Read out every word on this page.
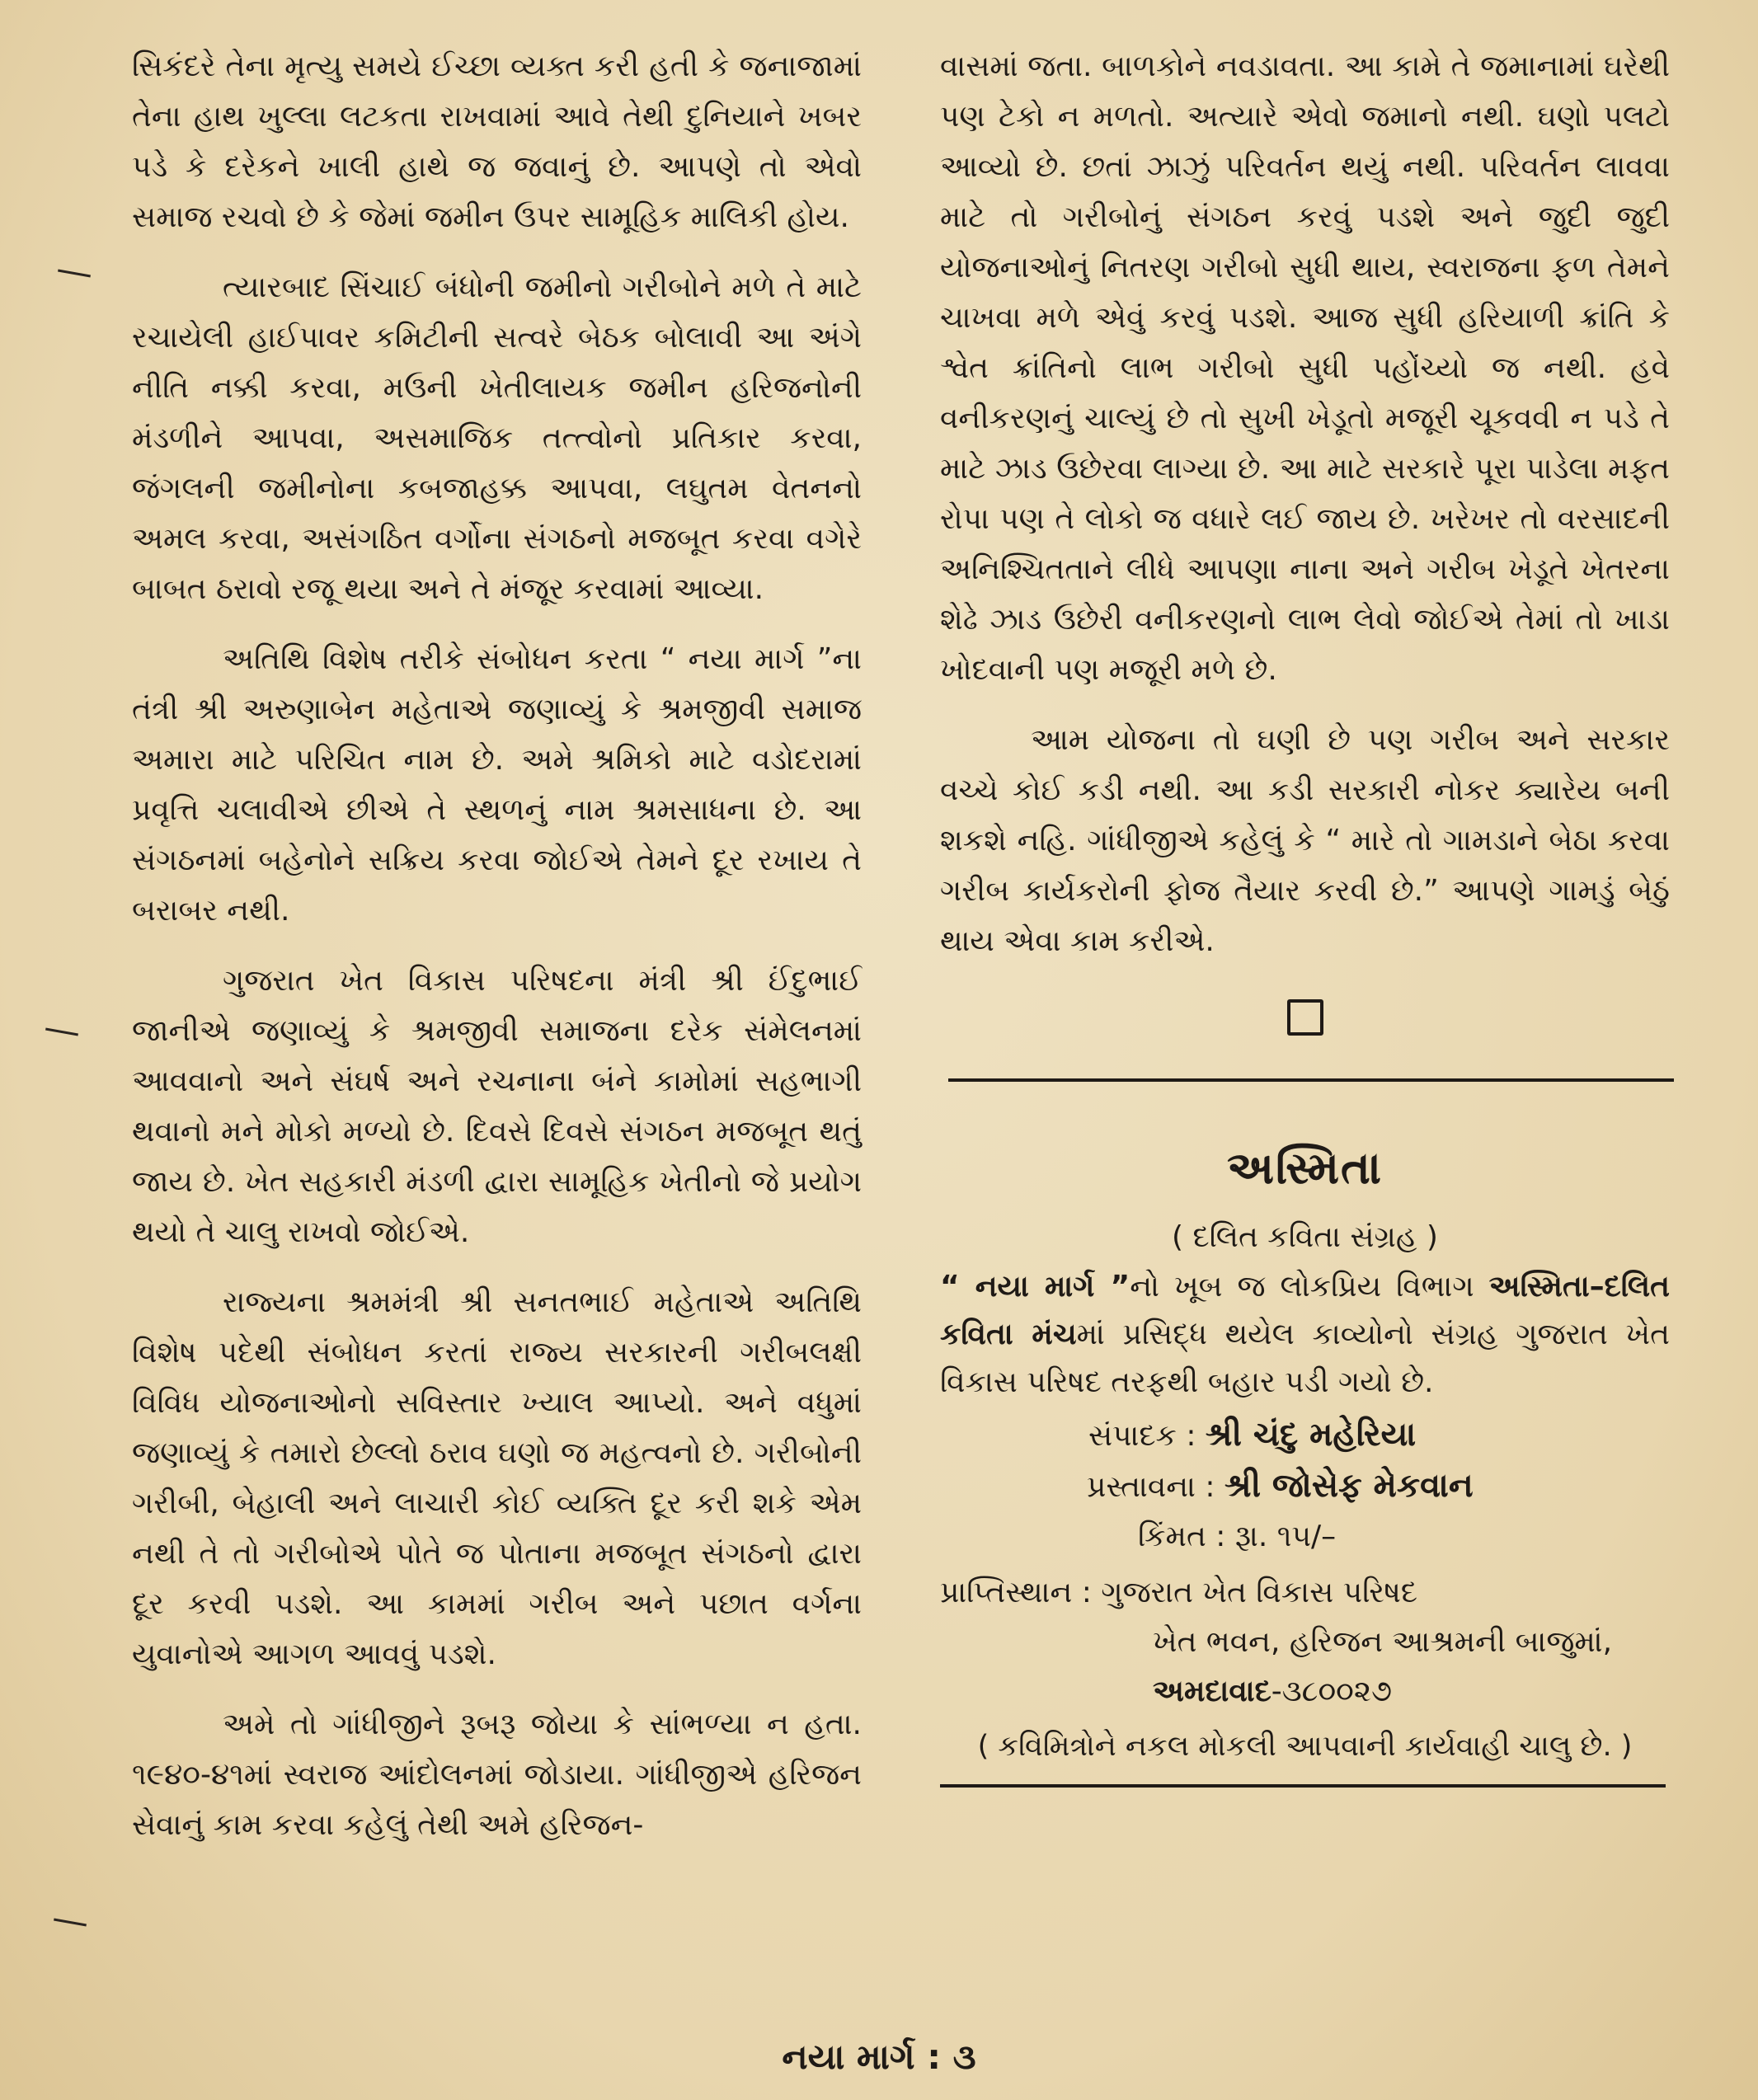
સિકંદરે તેના મૃત્યુ સમયે ઈચ્છા વ્યક્ત કરી હતી કે જનાજામાં તેના હાથ ખુલ્લા લટકતા રાખવામાં આવે તેથી દુનિયાને ખબર પડે કે દરેકને ખાલી હાથે જ જવાનું છે. આપણે તો એવો સમાજ રચવો છે કે જેમાં જમીન ઉપર સામૂહિક માલિકી હોય.

ત્યારબાદ સિંચાઈ બંધોની જમીનો ગરીબોને મળે તે માટે રચાયેલી હાઈપાવર કમિટીની સત્વરે બેઠક બોલાવી આ અંગે નીતિ નક્કી કરવા, મઉની ખેતીલાયક જમીન હરિજનોની મંડળીને આપવા, અસમાજિક તત્ત્વોનો પ્રતિકાર કરવા, જંગલની જમીનોના કબજાહક્ક આપવા, લઘુતમ વેતનનો અમલ કરવા, અસંગઠિત વર્ગોના સંગઠનો મજબૂત કરવા વગેરે બાબત ઠરાવો રજૂ થયા અને તે મંજૂર કરવામાં આવ્યા.

અતિથિ વિશેષ તરીકે સંબોધન કરતા “ નયા માર્ગ ”ના તંત્રી શ્રી અરુણાબેન મહેતાએ જણાવ્યું કે શ્રમજીવી સમાજ અમારા માટે પરિચિત નામ છે. અમે શ્રમિકો માટે વડોદરામાં પ્રવૃત્તિ ચલાવીએ છીએ તે સ્થળનું નામ શ્રમસાધના છે. આ સંગઠનમાં બહેનોને સક્રિય કરવા જોઈએ તેમને દૂર રખાય તે બરાબર નથી.

ગુજરાત ખેત વિકાસ પરિષદના મંત્રી શ્રી ઈંદુભાઈ જાનીએ જણાવ્યું કે શ્રમજીવી સમાજના દરેક સંમેલનમાં આવવાનો અને સંઘર્ષ અને રચનાના બંને કામોમાં સહભાગી થવાનો મને મોકો મળ્યો છે. દિવસે દિવસે સંગઠન મજબૂત થતું જાય છે. ખેત સહકારી મંડળી દ્વારા સામૂહિક ખેતીનો જે પ્રયોગ થયો તે ચાલુ રાખવો જોઈએ.

રાજ્યના શ્રમમંત્રી શ્રી સનતભાઈ મહેતાએ અતિથિ વિશેષ પદેથી સંબોધન કરતાં રાજ્ય સરકારની ગરીબલક્ષી વિવિધ યોજનાઓનો સવિસ્તાર ખ્યાલ આપ્યો. અને વધુમાં જણાવ્યું કે તમારો છેલ્લો ઠરાવ ઘણો જ મહત્વનો છે. ગરીબોની ગરીબી, બેહાલી અને લાચારી કોઈ વ્યક્તિ દૂર કરી શકે એમ નથી તે તો ગરીબોએ પોતે જ પોતાના મજબૂત સંગઠનો દ્વારા દૂર કરવી પડશે. આ કામમાં ગરીબ અને પછાત વર્ગના યુવાનોએ આગળ આવવું પડશે.

અમે તો ગાંધીજીને રૂબરૂ જોયા કે સાંભળ્યા ન હતા. ૧૯૪૦-૪૧માં સ્વરાજ આંદોલનમાં જોડાયા. ગાંધીજીએ હરિજન સેવાનું કામ કરવા કહેલું તેથી અમે હરિજન-

વાસમાં જતા. બાળકોને નવડાવતા. આ કામે તે જમાનામાં ઘરેથી પણ ટેકો ન મળતો. અત્યારે એવો જમાનો નથી. ઘણો પલટો આવ્યો છે. છતાં ઝાઝું પરિવર્તન થયું નથી. પરિવર્તન લાવવા માટે તો ગરીબોનું સંગઠન કરવું પડશે અને જુદી જુદી યોજનાઓનું નિતરણ ગરીબો સુધી થાય, સ્વરાજના ફળ તેમને ચાખવા મળે એવું કરવું પડશે. આજ સુધી હરિયાળી ક્રાંતિ કે શ્વેત ક્રાંતિનો લાભ ગરીબો સુધી પહોંચ્યો જ નથી. હવે વનીકરણનું ચાલ્યું છે તો સુખી ખેડૂતો મજૂરી ચૂકવવી ન પડે તે માટે ઝાડ ઉછેરવા લાગ્યા છે. આ માટે સરકારે પૂરા પાડેલા મફત રોપા પણ તે લોકો જ વધારે લઈ જાય છે. ખરેખર તો વરસાદની અનિશ્ચિતતાને લીધે આપણા નાના અને ગરીબ ખેડૂતે ખેતરના શેઢે ઝાડ ઉછેરી વનીકરણનો લાભ લેવો જોઈએ તેમાં તો ખાડા ખોદવાની પણ મજૂરી મળે છે.

આમ યોજના તો ઘણી છે પણ ગરીબ અને સરકાર વચ્ચે કોઈ કડી નથી. આ કડી સરકારી નોકર ક્યારેય બની શકશે નહિ. ગાંધીજીએ કહેલું કે “ મારે તો ગામડાને બેઠા કરવા ગરીબ કાર્યકરોની ફોજ તૈયાર કરવી છે.” આપણે ગામડું બેઠું થાય એવા કામ કરીએ.

અસ્મિતા
( દલિત કવિતા સંગ્રહ )
“ નયા માર્ગ ”નો ખૂબ જ લોકપ્રિય વિભાગ અસ્મિતા–દલિત કવિતા મંચમાં પ્રસિદ્ધ થયેલ કાવ્યોનો સંગ્રહ ગુજરાત ખેત વિકાસ પરિષદ તરફથી બહાર પડી ગયો છે.
સંપાદક : શ્રી ચંદુ મહેરિયા
પ્રસ્તાવના : શ્રી જોસેફ મેકવાન
કિંમત : રૂા. ૧૫/–
પ્રાપ્તિસ્થાન : ગુજરાત ખેત વિકાસ પરિષદ
ખેત ભવન, હરિજન આશ્રમની બાજુમાં,
અમદાવાદ-૩૮૦૦૨૭
( કવિમિત્રોને નકલ મોકલી આપવાની કાર્યવાહી ચાલુ છે. )
નયા માર્ગ : ૩
